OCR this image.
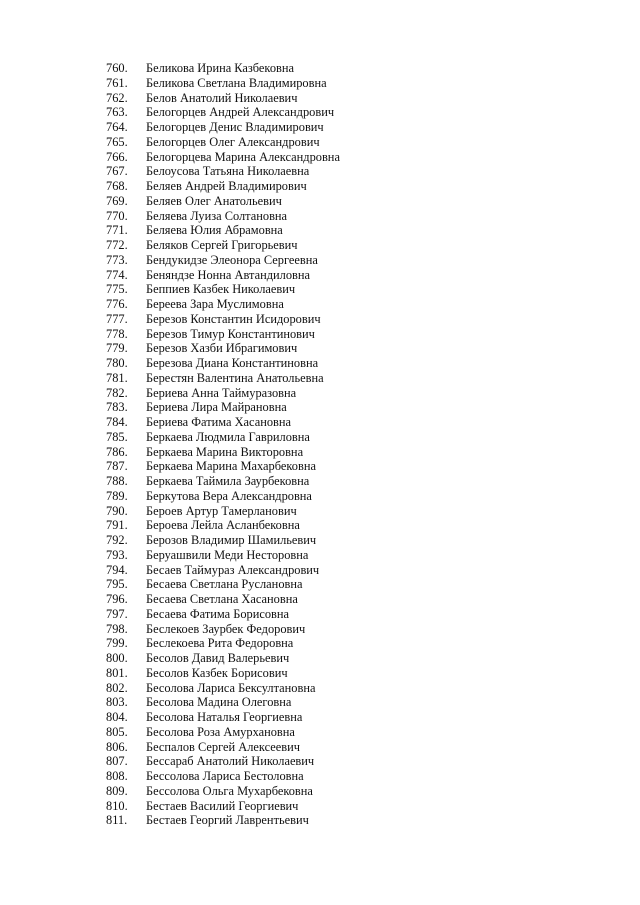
760.	Беликова Ирина Казбековна
761.	Беликова Светлана Владимировна
762.	Белов Анатолий Николаевич
763.	Белогорцев Андрей Александрович
764.	Белогорцев Денис Владимирович
765.	Белогорцев Олег Александрович
766.	Белогорцева Марина Александровна
767.	Белоусова Татьяна Николаевна
768.	Беляев Андрей Владимирович
769.	Беляев Олег Анатольевич
770.	Беляева Луиза Солтановна
771.	Беляева Юлия Абрамовна
772.	Беляков Сергей Григорьевич
773.	Бендукидзе Элеонора Сергеевна
774.	Беняндзе Нонна Автандиловна
775.	Беппиев Казбек Николаевич
776.	Береева Зара Муслимовна
777.	Березов Константин Исидорович
778.	Березов Тимур Константинович
779.	Березов Хазби Ибрагимович
780.	Березова Диана Константиновна
781.	Берестян Валентина Анатольевна
782.	Бериева Анна Таймуразовна
783.	Бериева Лира Майрановна
784.	Бериева Фатима Хасановна
785.	Беркаева Людмила Гавриловна
786.	Беркаева Марина Викторовна
787.	Беркаева Марина Махарбековна
788.	Беркаева Таймила Заурбековна
789.	Беркутова Вера Александровна
790.	Бероев Артур Тамерланович
791.	Бероева Лейла Асланбековна
792.	Берозов Владимир Шамильевич
793.	Беруашвили Меди Несторовна
794.	Бесаев Таймураз Александрович
795.	Бесаева Светлана Руслановна
796.	Бесаева Светлана Хасановна
797.	Бесаева Фатима Борисовна
798.	Беслекоев Заурбек Федорович
799.	Беслекоева Рита Федоровна
800.	Бесолов Давид Валерьевич
801.	Бесолов Казбек Борисович
802.	Бесолова Лариса Бексултановна
803.	Бесолова Мадина Олеговна
804.	Бесолова Наталья Георгиевна
805.	Бесолова Роза Амурхановна
806.	Беспалов Сергей Алексеевич
807.	Бессараб Анатолий Николаевич
808.	Бессолова Лариса Бестоловна
809.	Бессолова Ольга Мухарбековна
810.	Бестаев Василий Георгиевич
811.	Бестаев Георгий Лаврентьевич
